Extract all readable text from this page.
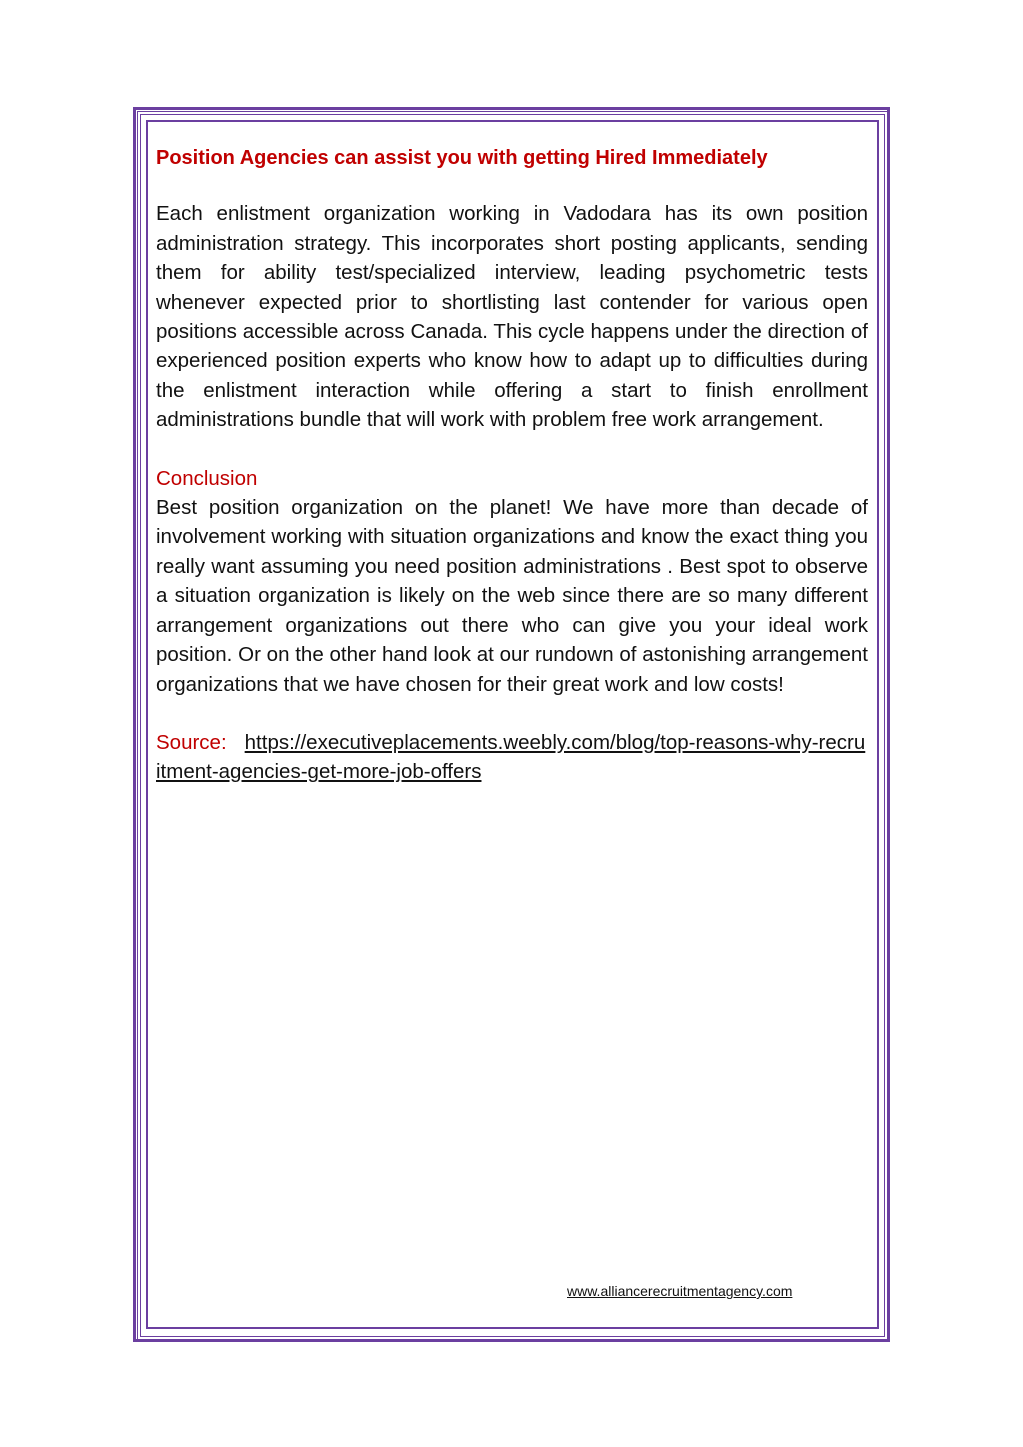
Position Agencies can assist you with getting Hired Immediately

Each enlistment organization working in Vadodara has its own position administration strategy. This incorporates short posting applicants, sending them for ability test/specialized interview, leading psychometric tests whenever expected prior to shortlisting last contender for various open positions accessible across Canada. This cycle happens under the direction of experienced position experts who know how to adapt up to difficulties during the enlistment interaction while offering a start to finish enrollment administrations bundle that will work with problem free work arrangement.

Conclusion

Best position organization on the planet! We have more than decade of involvement working with situation organizations and know the exact thing you really want assuming you need position administrations . Best spot to observe a situation organization is likely on the web since there are so many different arrangement organizations out there who can give you your ideal work position. Or on the other hand look at our rundown of astonishing arrangement organizations that we have chosen for their great work and low costs!

Source: https://executiveplacements.weebly.com/blog/top-reasons-why-recruitment-agencies-get-more-job-offers
www.alliancerecruitmentagency.com
